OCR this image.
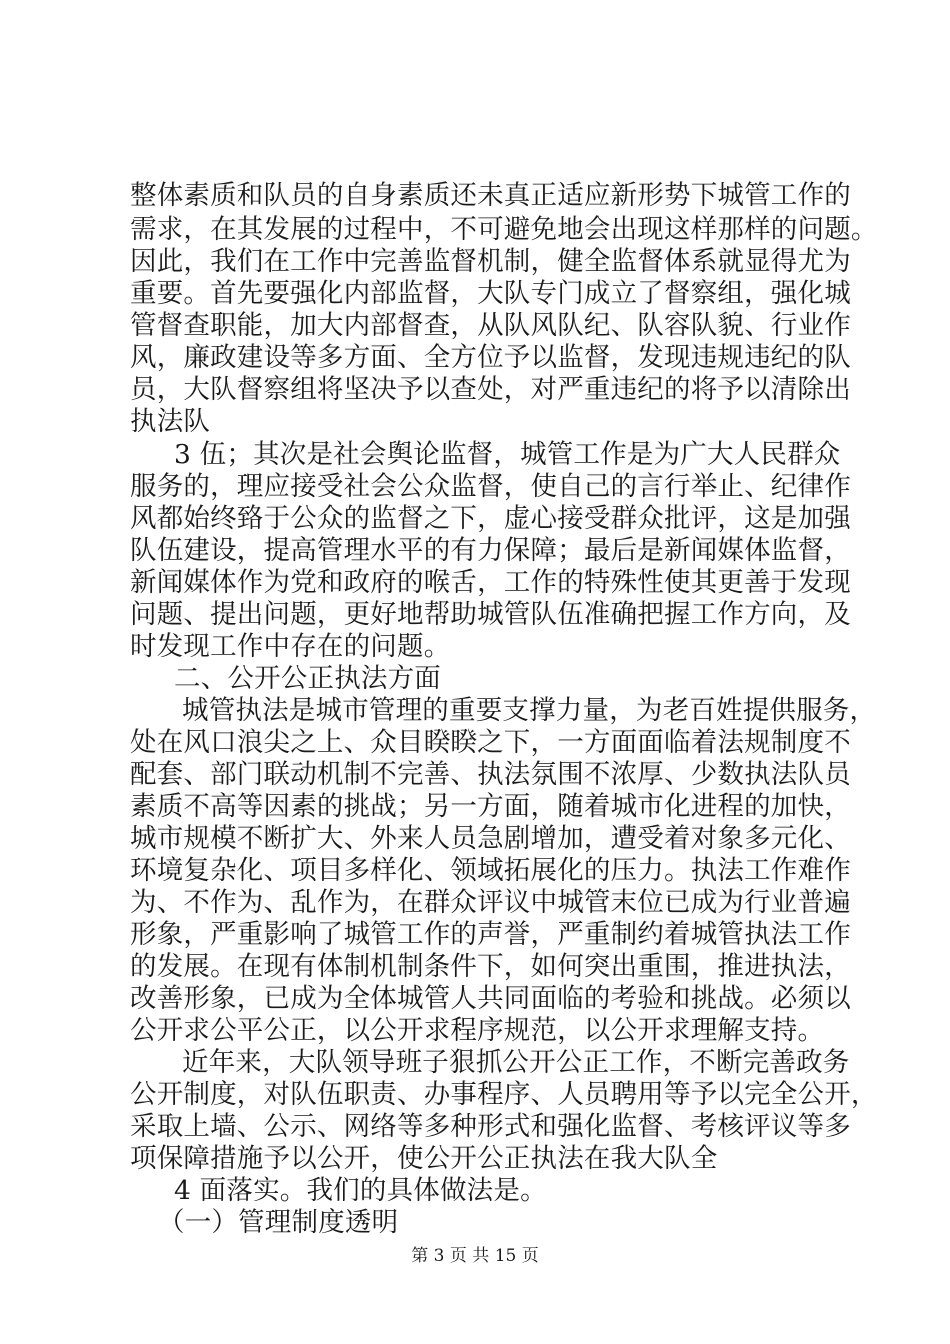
整体素质和队员的自身素质还未真正适应新形势下城管工作的
需求，在其发展的过程中，不可避免地会出现这样那样的问题。
因此，我们在工作中完善监督机制，健全监督体系就显得尤为
重要。首先要强化内部监督，大队专门成立了督察组，强化城
管督查职能，加大内部督查，从队风队纪、队容队貌、行业作
风，廉政建设等多方面、全方位予以监督，发现违规违纪的队
员，大队督察组将坚决予以查处，对严重违纪的将予以清除出
执法队
3 伍；其次是社会舆论监督，城管工作是为广大人民群众
服务的，理应接受社会公众监督，使自己的言行举止、纪律作
风都始终臵于公众的监督之下，虚心接受群众批评，这是加强
队伍建设，提高管理水平的有力保障；最后是新闻媒体监督，
新闻媒体作为党和政府的喉舌，工作的特殊性使其更善于发现
问题、提出问题，更好地帮助城管队伍准确把握工作方向，及
时发现工作中存在的问题。
二、公开公正执法方面
城管执法是城市管理的重要支撑力量，为老百姓提供服务，
处在风口浪尖之上、众目睽睽之下，一方面面临着法规制度不
配套、部门联动机制不完善、执法氛围不浓厚、少数执法队员
素质不高等因素的挑战；另一方面，随着城市化进程的加快，
城市规模不断扩大、外来人员急剧增加，遭受着对象多元化、
环境复杂化、项目多样化、领域拓展化的压力。执法工作难作
为、不作为、乱作为，在群众评议中城管末位已成为行业普遍
形象，严重影响了城管工作的声誉，严重制约着城管执法工作
的发展。在现有体制机制条件下，如何突出重围，推进执法，
改善形象，已成为全体城管人共同面临的考验和挑战。必须以
公开求公平公正，以公开求程序规范，以公开求理解支持。
近年来，大队领导班子狠抓公开公正工作，不断完善政务
公开制度，对队伍职责、办事程序、人员聘用等予以完全公开，
采取上墙、公示、网络等多种形式和强化监督、考核评议等多
项保障措施予以公开，使公开公正执法在我大队全
4 面落实。我们的具体做法是。
（一）管理制度透明
第 3 页 共 15 页
